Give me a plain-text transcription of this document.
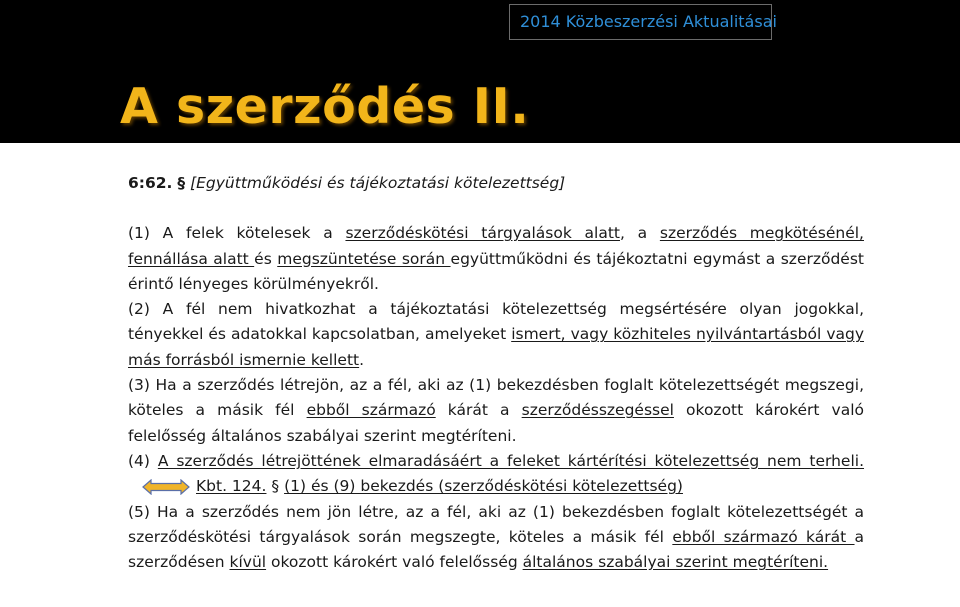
2014 Közbeszerzési Aktualitásai
A szerződés II.

6:62. § [Együttműködési és tájékoztatási kötelezettség]

(1) A felek kötelesek a szerződéskötési tárgyalások alatt, a szerződés megkötésénél, fennállása alatt és megszüntetése során együttműködni és tájékoztatni egymást a szerződést érintő lényeges körülményekről.

(2) A fél nem hivatkozhat a tájékoztatási kötelezettség megsértésére olyan jogokkal, tényekkel és adatokkal kapcsolatban, amelyeket ismert, vagy közhiteles nyilvántartásból vagy más forrásból ismernie kellett.

(3) Ha a szerződés létrejön, az a fél, aki az (1) bekezdésben foglalt kötelezettségét megszegi, köteles a másik fél ebből származó kárát a szerződésszegéssel okozott károkért való felelősség általános szabályai szerint megtéríteni.

(4) A szerződés létrejöttének elmaradásáért a feleket kártérítési kötelezettség nem terheli.Kbt. 124. § (1) és (9) bekezdés (szerződéskötési kötelezettség)

(5) Ha a szerződés nem jön létre, az a fél, aki az (1) bekezdésben foglalt kötelezettségét a szerződéskötési tárgyalások során megszegte, köteles a másik fél ebből származó kárát a szerződésen kívül okozott károkért való felelősség általános szabályai szerint megtéríteni.
